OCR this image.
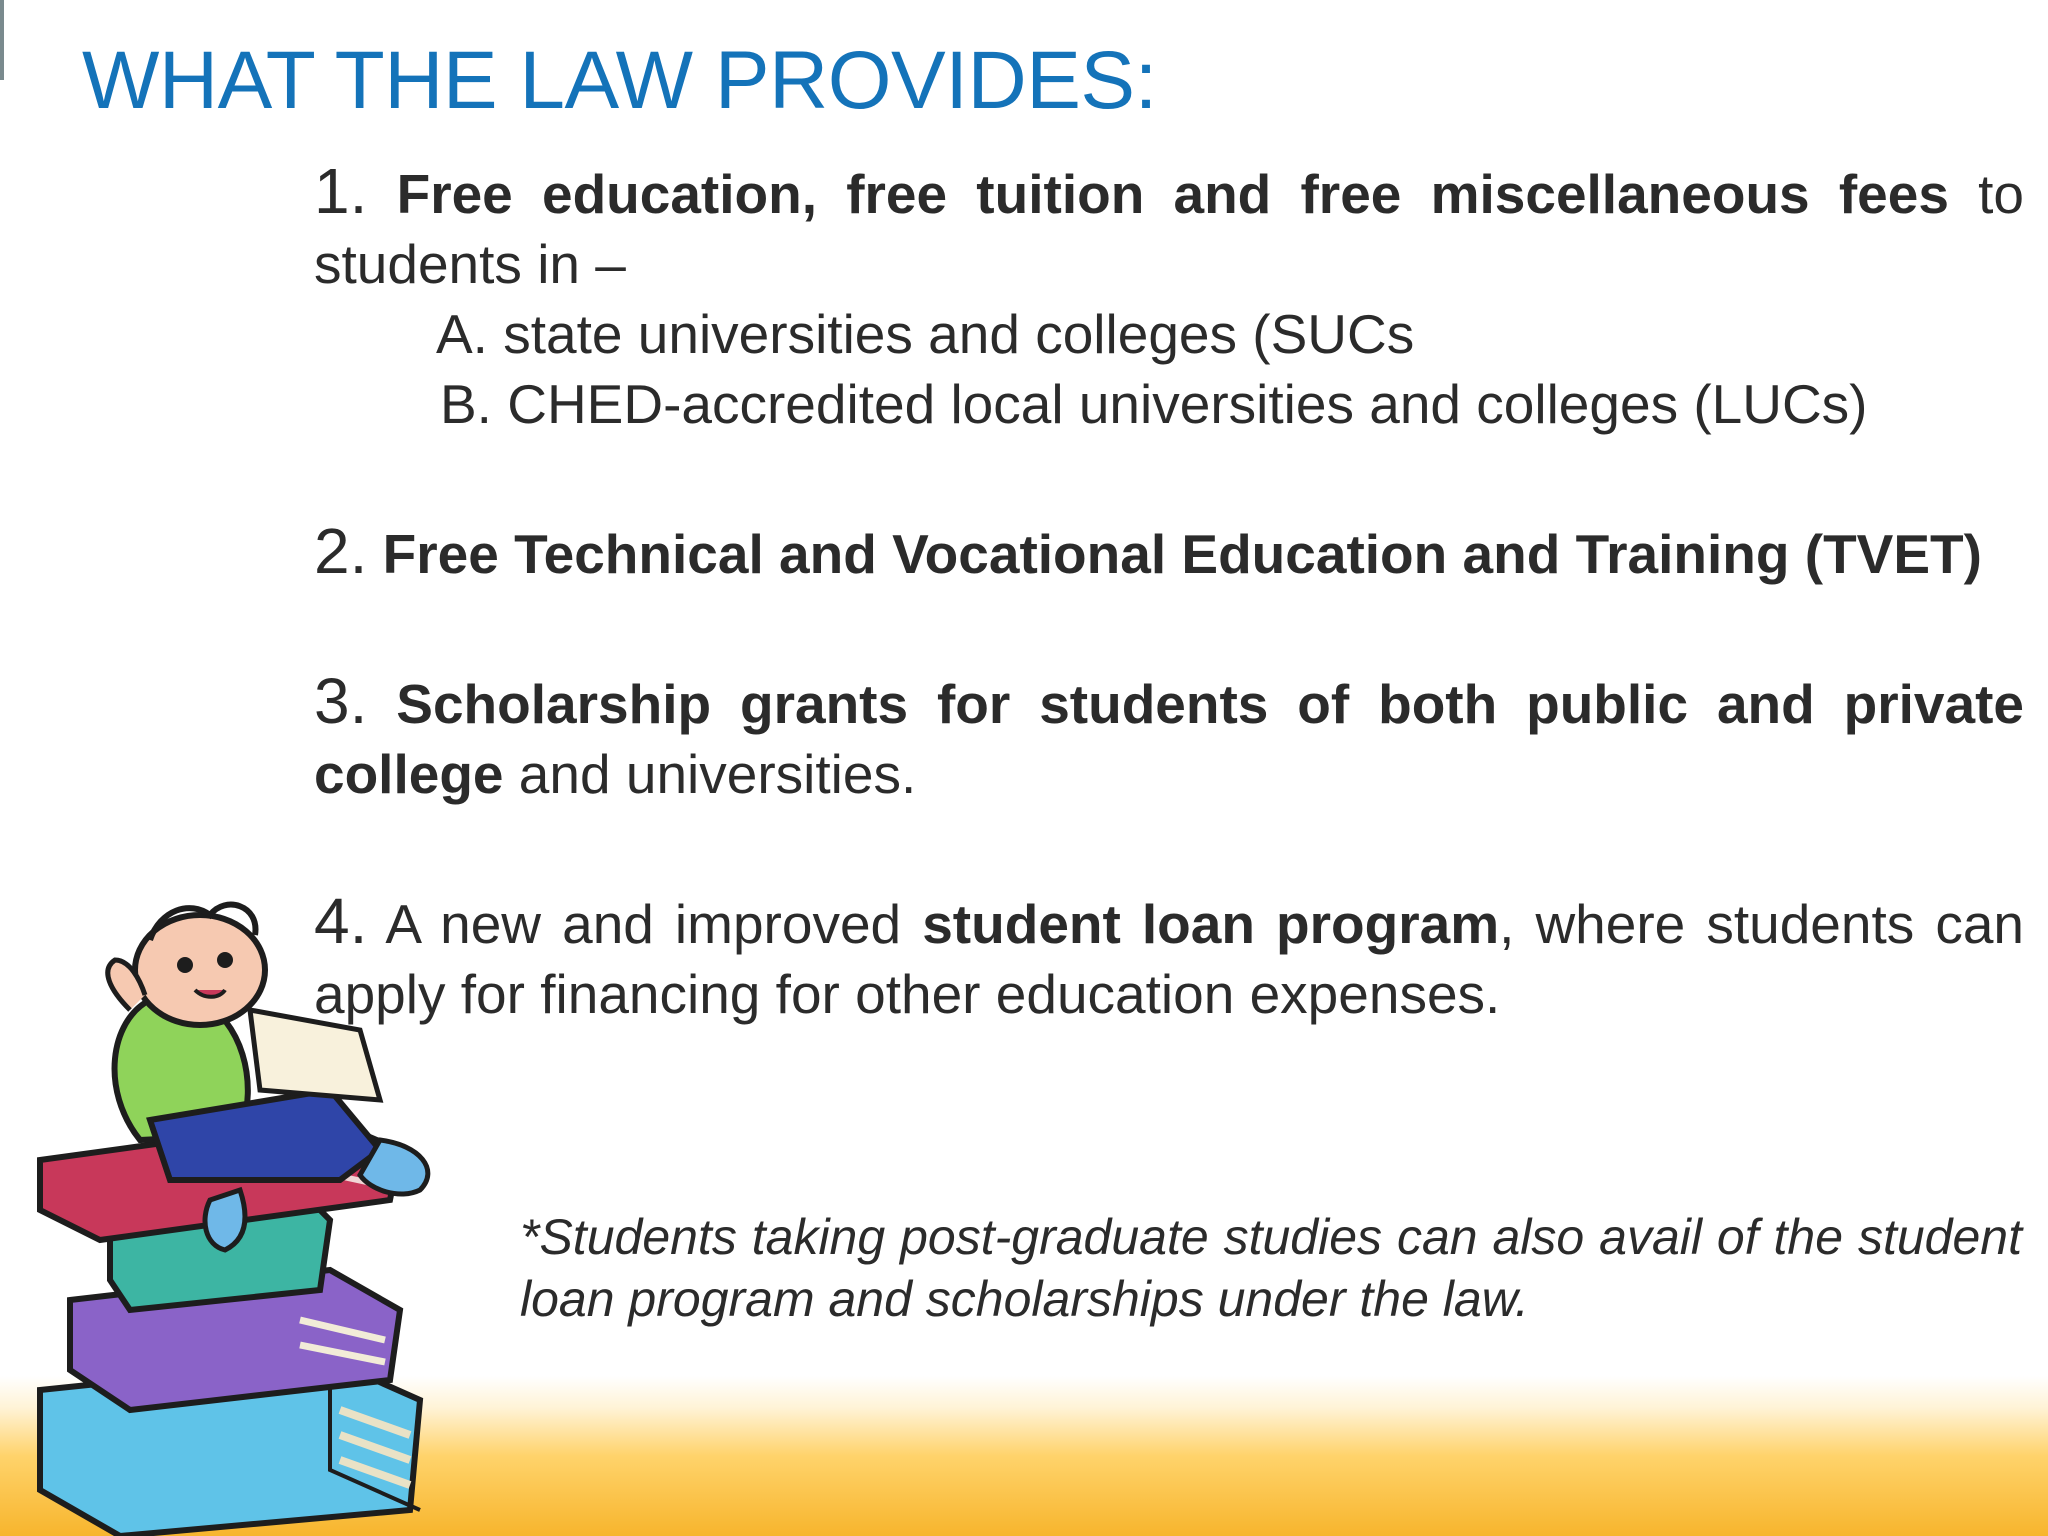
WHAT THE LAW PROVIDES:

1. Free education, free tuition and free miscellaneous fees to students in –
A. state universities and colleges (SUCs
B. CHED-accredited local universities and colleges (LUCs)

2. Free Technical and Vocational Education and Training (TVET)

3. Scholarship grants for students of both public and private college and universities.

4. A new and improved student loan program, where students can apply for financing for other education expenses.

*Students taking post-graduate studies can also avail of the student loan program and scholarships under the law.
